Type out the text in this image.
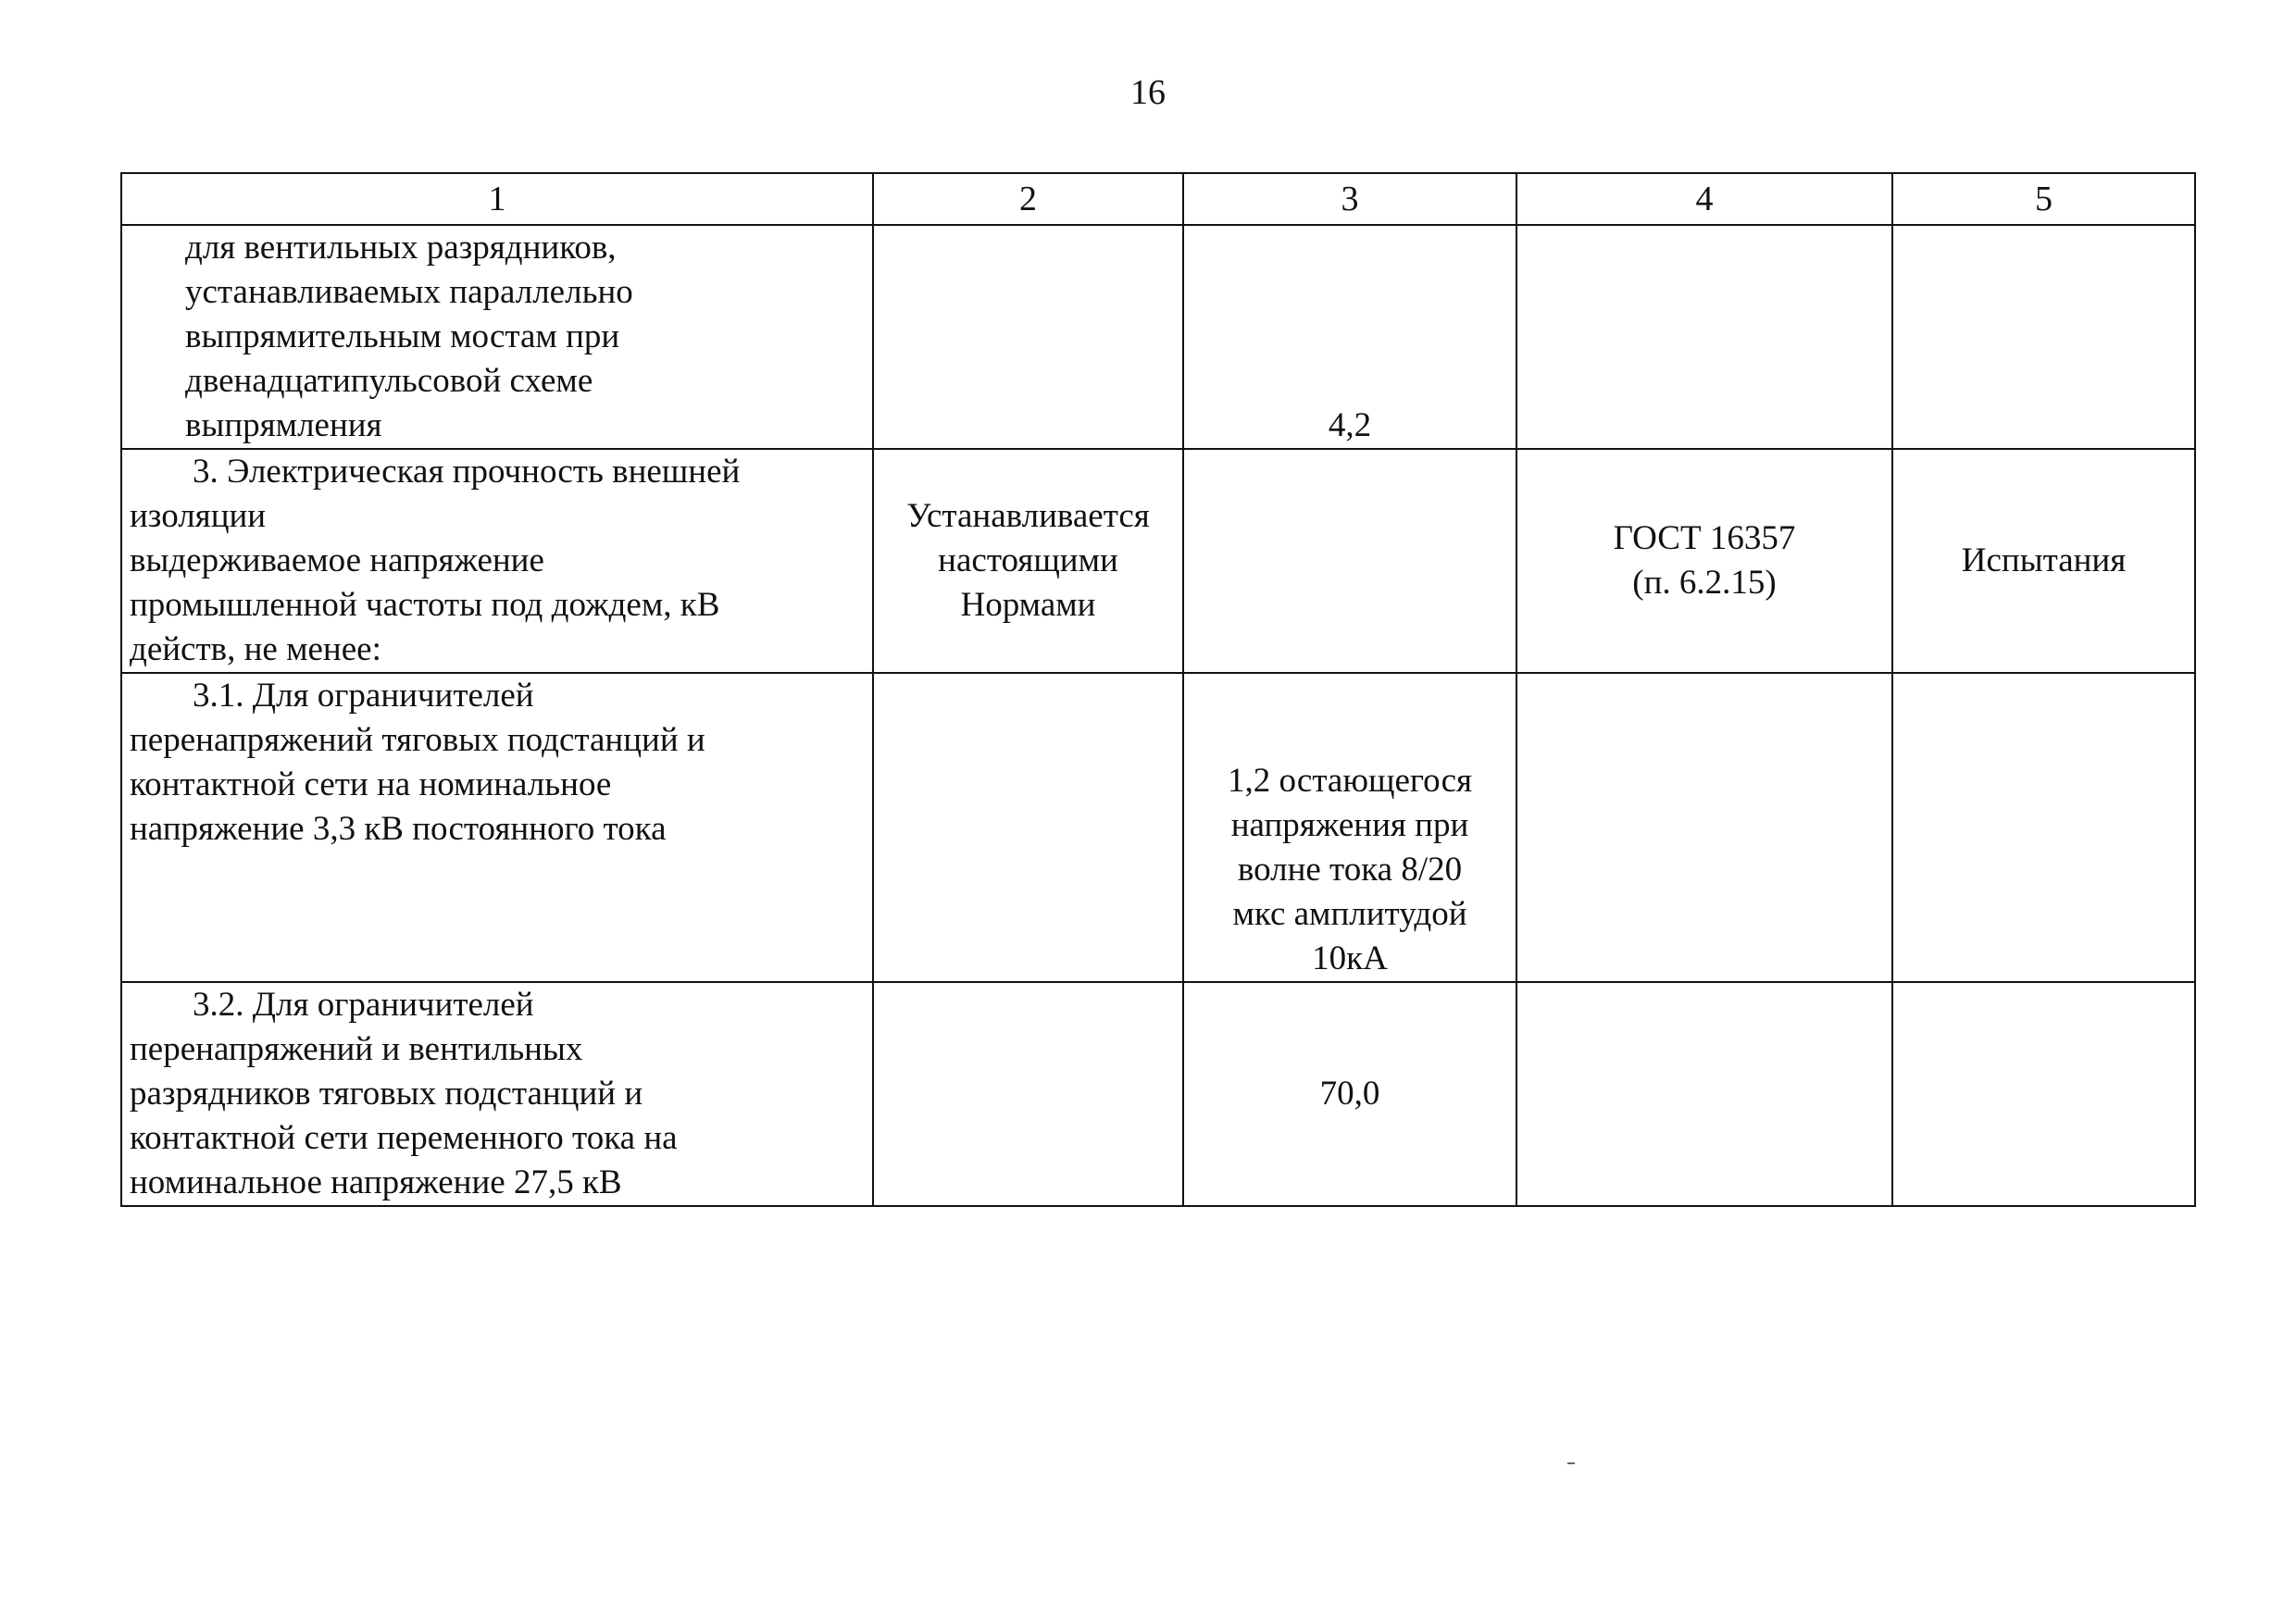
16
1	2	3	4	5

для вентильных разрядников,
устанавливаемых параллельно
выпрямительным мостам при
двенадцатипульсовой схеме
выпрямления		4,2		

3. Электрическая прочность внешней
изоляции
выдерживаемое напряжение
промышленной частоты под дождем, кВ
действ, не менее:	Устанавливается
настоящими
Нормами		ГОСТ 16357
(п. 6.2.15)	Испытания

3.1. Для ограничителей
перенапряжений тяговых подстанций и
контактной сети на номинальное
напряжение 3,3 кВ постоянного тока		1,2 остающегося
напряжения при
волне тока 8/20
мкс амплитудой
10кА		

3.2. Для ограничителей
перенапряжений и вентильных
разрядников тяговых подстанций и
контактной сети переменного тока на
номинальное напряжение 27,5 кВ		70,0		
